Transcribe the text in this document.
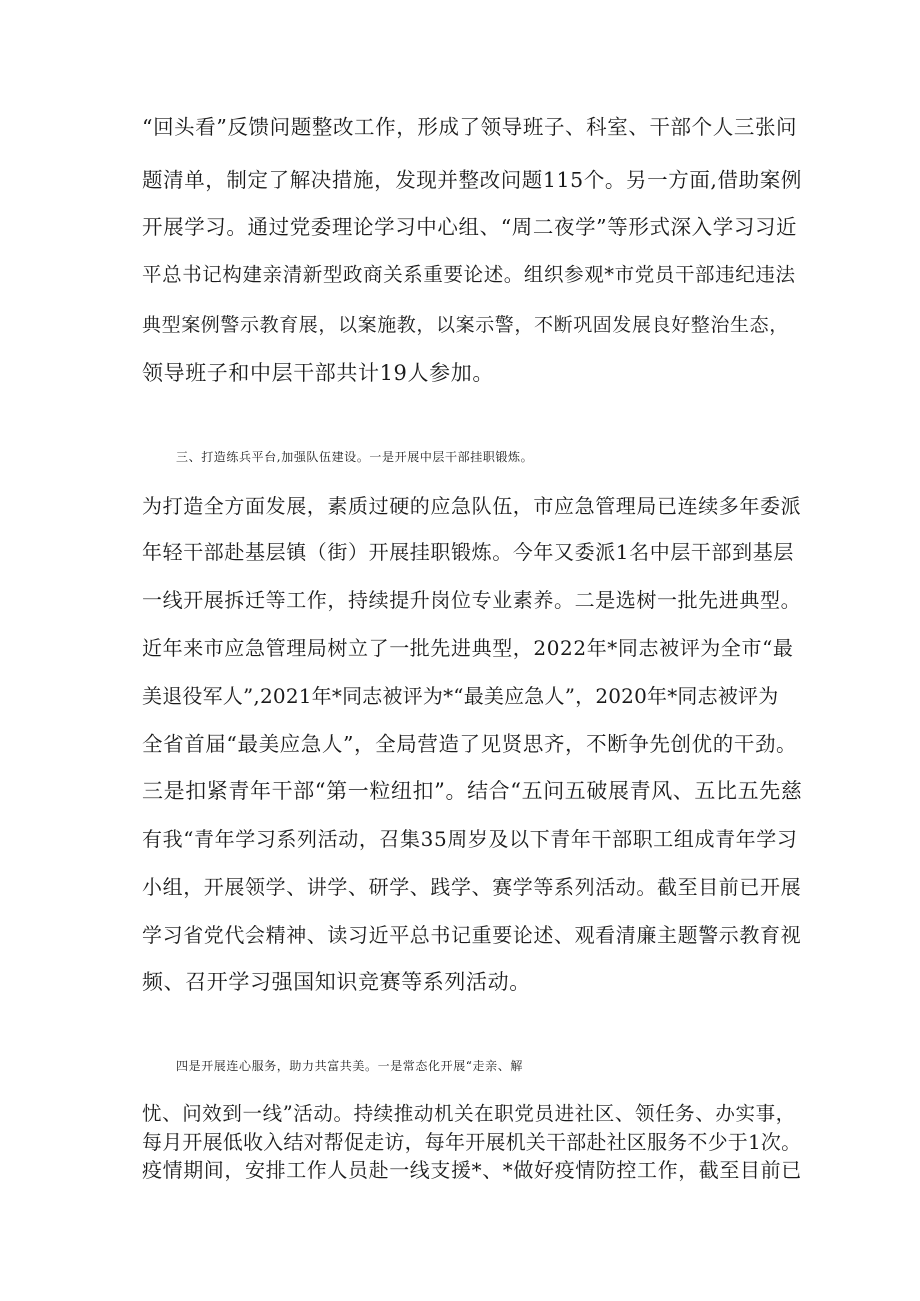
“回头看”反馈问题整改工作，形成了领导班子、科室、干部个人三张问
题清单，制定了解决措施，发现并整改问题115个。另一方面,借助案例
开展学习。通过党委理论学习中心组、“周二夜学”等形式深入学习习近
平总书记构建亲清新型政商关系重要论述。组织参观*市党员干部违纪违法
典型案例警示教育展，以案施教，以案示警，不断巩固发展良好整治生态，
领导班子和中层干部共计19人参加。
三、打造练兵平台,加强队伍建设。一是开展中层干部挂职锻炼。
为打造全方面发展，素质过硬的应急队伍，市应急管理局已连续多年委派
年轻干部赴基层镇（街）开展挂职锻炼。今年又委派1名中层干部到基层
一线开展拆迁等工作，持续提升岗位专业素养。二是选树一批先进典型。
近年来市应急管理局树立了一批先进典型，2022年*同志被评为全市“最
美退役军人”,2021年*同志被评为*“最美应急人”，2020年*同志被评为
全省首届“最美应急人”，全局营造了见贤思齐，不断争先创优的干劲。
三是扣紧青年干部“第一粒纽扣”。结合“五问五破展青风、五比五先慈
有我“青年学习系列活动，召集35周岁及以下青年干部职工组成青年学习
小组，开展领学、讲学、研学、践学、赛学等系列活动。截至目前已开展
学习省党代会精神、读习近平总书记重要论述、观看清廉主题警示教育视
频、召开学习强国知识竞赛等系列活动。
四是开展连心服务，助力共富共美。一是常态化开展“走亲、解
忧、问效到一线”活动。持续推动机关在职党员进社区、领任务、办实事，
每月开展低收入结对帮促走访，每年开展机关干部赴社区服务不少于1次。
疫情期间，安排工作人员赴一线支援*、*做好疫情防控工作，截至目前已
